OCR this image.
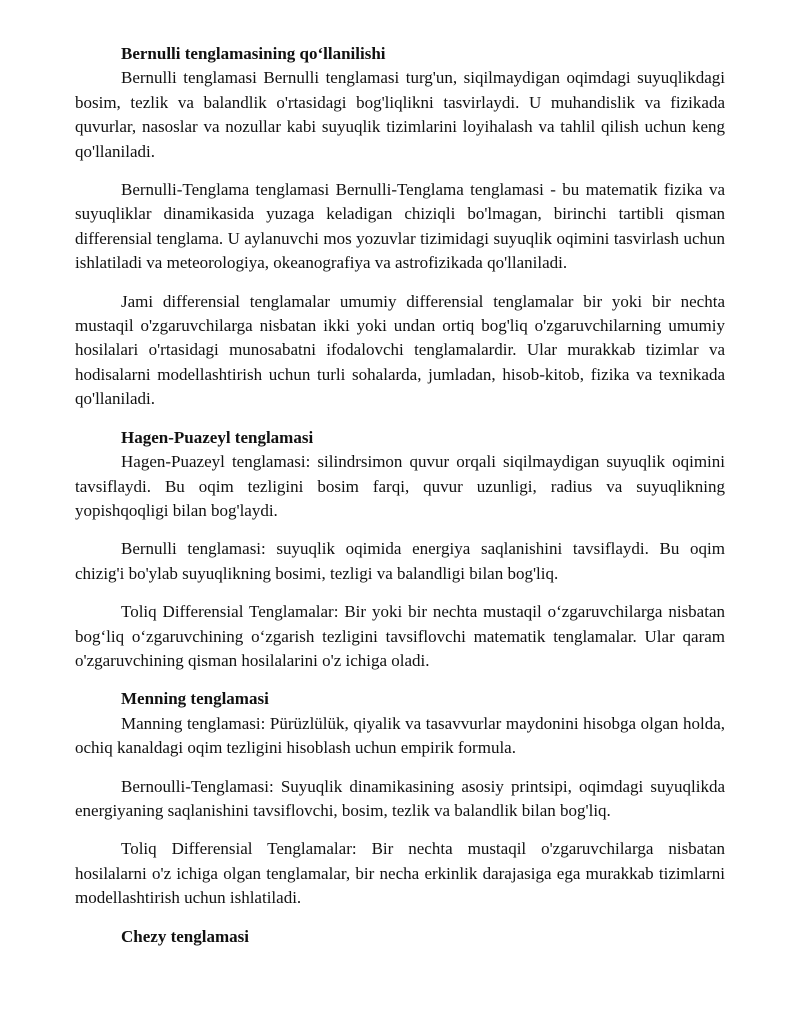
Bernulli tenglamasining qo‘llanilishi

Bernulli tenglamasi Bernulli tenglamasi turg'un, siqilmaydigan oqimdagi suyuqlikdagi bosim, tezlik va balandlik o'rtasidagi bog'liqlikni tasvirlaydi. U muhandislik va fizikada quvurlar, nasoslar va nozullar kabi suyuqlik tizimlarini loyihalash va tahlil qilish uchun keng qo'llaniladi.

Bernulli-Tenglama tenglamasi Bernulli-Tenglama tenglamasi - bu matematik fizika va suyuqliklar dinamikasida yuzaga keladigan chiziqli bo'lmagan, birinchi tartibli qisman differensial tenglama. U aylanuvchi mos yozuvlar tizimidagi suyuqlik oqimini tasvirlash uchun ishlatiladi va meteorologiya, okeanografiya va astrofizikada qo'llaniladi.

Jami differensial tenglamalar umumiy differensial tenglamalar bir yoki bir nechta mustaqil o'zgaruvchilarga nisbatan ikki yoki undan ortiq bog'liq o'zgaruvchilarning umumiy hosilalari o'rtasidagi munosabatni ifodalovchi tenglamalardir. Ular murakkab tizimlar va hodisalarni modellashtirish uchun turli sohalarda, jumladan, hisob-kitob, fizika va texnikada qo'llaniladi.

Hagen-Puazeyl tenglamasi

Hagen-Puazeyl tenglamasi: silindrsimon quvur orqali siqilmaydigan suyuqlik oqimini tavsiflaydi. Bu oqim tezligini bosim farqi, quvur uzunligi, radius va suyuqlikning yopishqoqligi bilan bog'laydi.

Bernulli tenglamasi: suyuqlik oqimida energiya saqlanishini tavsiflaydi. Bu oqim chizig'i bo'ylab suyuqlikning bosimi, tezligi va balandligi bilan bog'liq.

Toliq Differensial Tenglamalar: Bir yoki bir nechta mustaqil o‘zgaruvchilarga nisbatan bog‘liq o‘zgaruvchining o‘zgarish tezligini tavsiflovchi matematik tenglamalar. Ular qaram o'zgaruvchining qisman hosilalarini o'z ichiga oladi.

Menning tenglamasi

Manning tenglamasi: Pürüzlülük, qiyalik va tasavvurlar maydonini hisobga olgan holda, ochiq kanaldagi oqim tezligini hisoblash uchun empirik formula.

Bernoulli-Tenglamasi: Suyuqlik dinamikasining asosiy printsipi, oqimdagi suyuqlikda energiyaning saqlanishini tavsiflovchi, bosim, tezlik va balandlik bilan bog'liq.

Toliq Differensial Tenglamalar: Bir nechta mustaqil o'zgaruvchilarga nisbatan hosilalarni o'z ichiga olgan tenglamalar, bir necha erkinlik darajasiga ega murakkab tizimlarni modellashtirish uchun ishlatiladi.

Chezy tenglamasi
